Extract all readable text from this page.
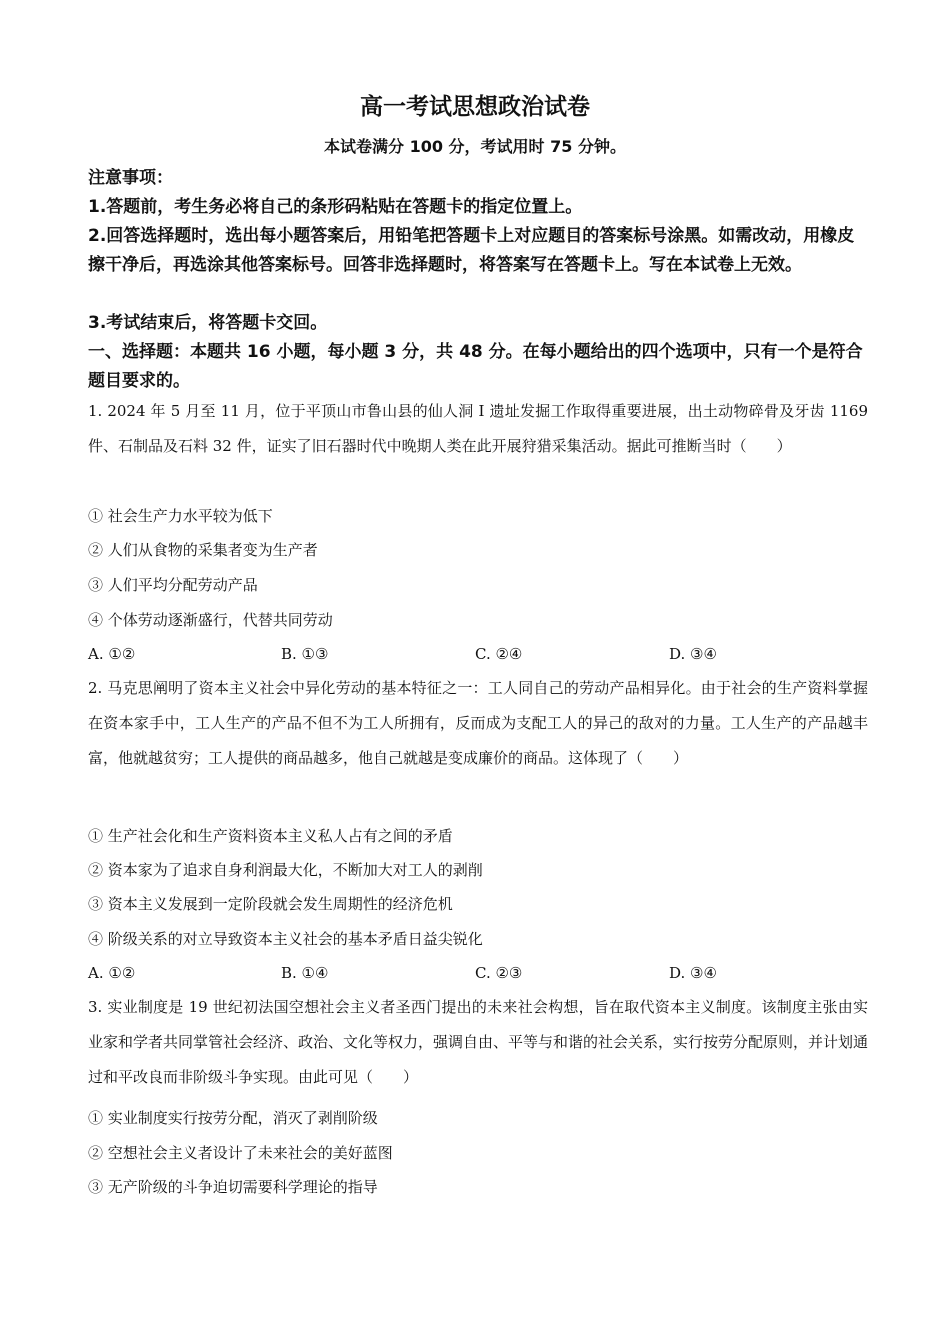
高一考试思想政治试卷
本试卷满分 100 分，考试用时 75 分钟。
注意事项：
1.答题前，考生务必将自己的条形码粘贴在答题卡的指定位置上。
2.回答选择题时，选出每小题答案后，用铅笔把答题卡上对应题目的答案标号涂黑。如需改动，用橡皮擦干净后，再选涂其他答案标号。回答非选择题时，将答案写在答题卡上。写在本试卷上无效。
3.考试结束后，将答题卡交回。
一、选择题：本题共 16 小题，每小题 3 分，共 48 分。在每小题给出的四个选项中，只有一个是符合题目要求的。
1. 2024 年 5 月至 11 月，位于平顶山市鲁山县的仙人洞 I 遗址发掘工作取得重要进展，出土动物碎骨及牙齿 1169 件、石制品及石料 32 件，证实了旧石器时代中晚期人类在此开展狩猎采集活动。据此可推断当时（　　）
① 社会生产力水平较为低下
② 人们从食物的采集者变为生产者
③ 人们平均分配劳动产品
④ 个体劳动逐渐盛行，代替共同劳动
A. ①②	B. ①③	C. ②④	D. ③④
2. 马克思阐明了资本主义社会中异化劳动的基本特征之一：工人同自己的劳动产品相异化。由于社会的生产资料掌握在资本家手中，工人生产的产品不但不为工人所拥有，反而成为支配工人的异己的敌对的力量。工人生产的产品越丰富，他就越贫穷；工人提供的商品越多，他自己就越是变成廉价的商品。这体现了（　　）
① 生产社会化和生产资料资本主义私人占有之间的矛盾
② 资本家为了追求自身利润最大化，不断加大对工人的剥削
③ 资本主义发展到一定阶段就会发生周期性的经济危机
④ 阶级关系的对立导致资本主义社会的基本矛盾日益尖锐化
A. ①②	B. ①④	C. ②③	D. ③④
3. 实业制度是 19 世纪初法国空想社会主义者圣西门提出的未来社会构想，旨在取代资本主义制度。该制度主张由实业家和学者共同掌管社会经济、政治、文化等权力，强调自由、平等与和谐的社会关系，实行按劳分配原则，并计划通过和平改良而非阶级斗争实现。由此可见（　　）
① 实业制度实行按劳分配，消灭了剥削阶级
② 空想社会主义者设计了未来社会的美好蓝图
③ 无产阶级的斗争迫切需要科学理论的指导
